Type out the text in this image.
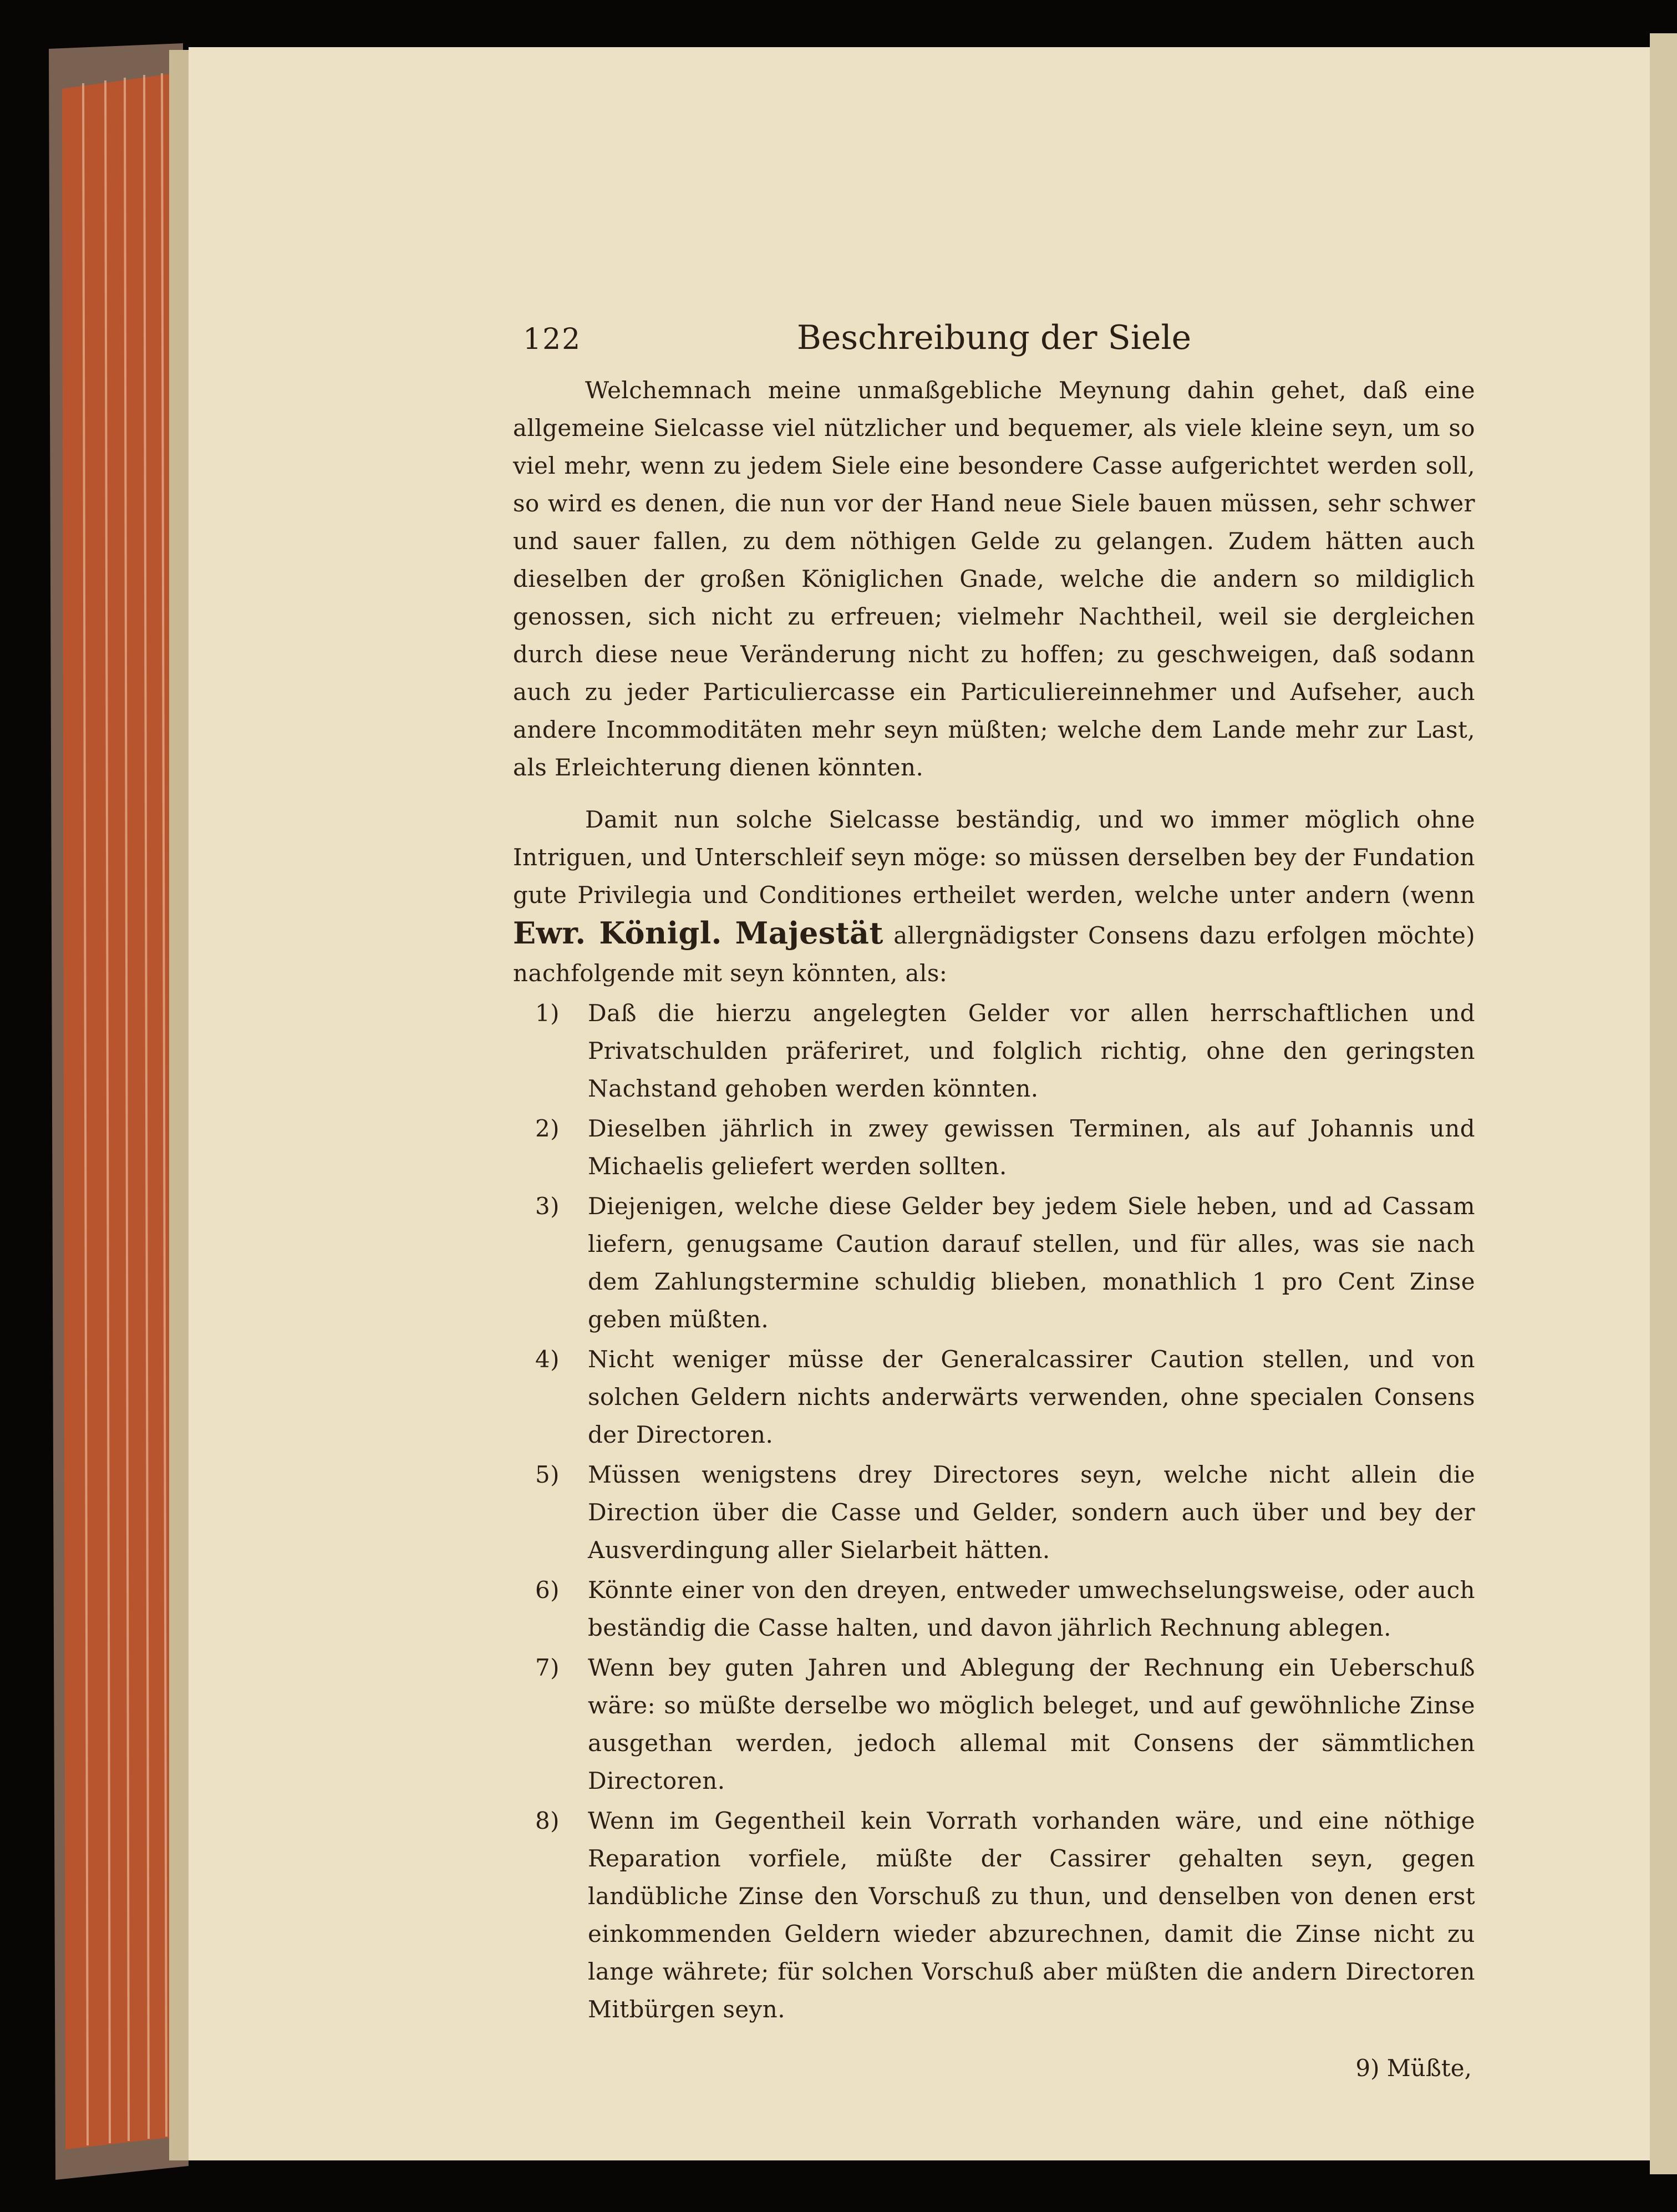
122	Beschreibung der Siele

Welchemnach meine unmaßgebliche Meynung dahin gehet, daß eine allgemeine Sielcasse viel nützlicher und bequemer, als viele kleine seyn, um so viel mehr, wenn zu jedem Siele eine besondere Casse aufgerichtet werden soll, so wird es denen, die nun vor der Hand neue Siele bauen müssen, sehr schwer und sauer fallen, zu dem nöthigen Gelde zu gelangen. Zudem hätten auch dieselben der großen Königlichen Gnade, welche die andern so mildiglich genossen, sich nicht zu erfreuen; vielmehr Nachtheil, weil sie dergleichen durch diese neue Veränderung nicht zu hoffen; zu geschweigen, daß sodann auch zu jeder Particuliercasse ein Particuliereinnehmer und Aufseher, auch andere Incommoditäten mehr seyn müßten; welche dem Lande mehr zur Last, als Erleichterung dienen könnten.

Damit nun solche Sielcasse beständig, und wo immer möglich ohne Intriguen, und Unterschleif seyn möge: so müssen derselben bey der Fundation gute Privilegia und Conditiones ertheilet werden, welche unter andern (wenn Ewr. Königl. Majestät allergnädigster Consens dazu erfolgen möchte) nachfolgende mit seyn könnten, als:

1) Daß die hierzu angelegten Gelder vor allen herrschaftlichen und Privatschulden präferiret, und folglich richtig, ohne den geringsten Nachstand gehoben werden könnten.
2) Dieselben jährlich in zwey gewissen Terminen, als auf Johannis und Michaelis geliefert werden sollten.
3) Diejenigen, welche diese Gelder bey jedem Siele heben, und ad Cassam liefern, genugsame Caution darauf stellen, und für alles, was sie nach dem Zahlungstermine schuldig blieben, monathlich 1 pro Cent Zinse geben müßten.
4) Nicht weniger müsse der Generalcassirer Caution stellen, und von solchen Geldern nichts anderwärts verwenden, ohne specialen Consens der Directoren.
5) Müssen wenigstens drey Directores seyn, welche nicht allein die Direction über die Casse und Gelder, sondern auch über und bey der Ausverdingung aller Sielarbeit hätten.
6) Könnte einer von den dreyen, entweder umwechselungsweise, oder auch beständig die Casse halten, und davon jährlich Rechnung ablegen.
7) Wenn bey guten Jahren und Ablegung der Rechnung ein Ueberschuß wäre: so müßte derselbe wo möglich beleget, und auf gewöhnliche Zinse ausgethan werden, jedoch allemal mit Consens der sämmtlichen Directoren.
8) Wenn im Gegentheil kein Vorrath vorhanden wäre, und eine nöthige Reparation vorfiele, müßte der Cassirer gehalten seyn, gegen landübliche Zinse den Vorschuß zu thun, und denselben von denen erst einkommenden Geldern wieder abzurechnen, damit die Zinse nicht zu lange währete; für solchen Vorschuß aber müßten die andern Directoren Mitbürgen seyn.
9) Müßte,
